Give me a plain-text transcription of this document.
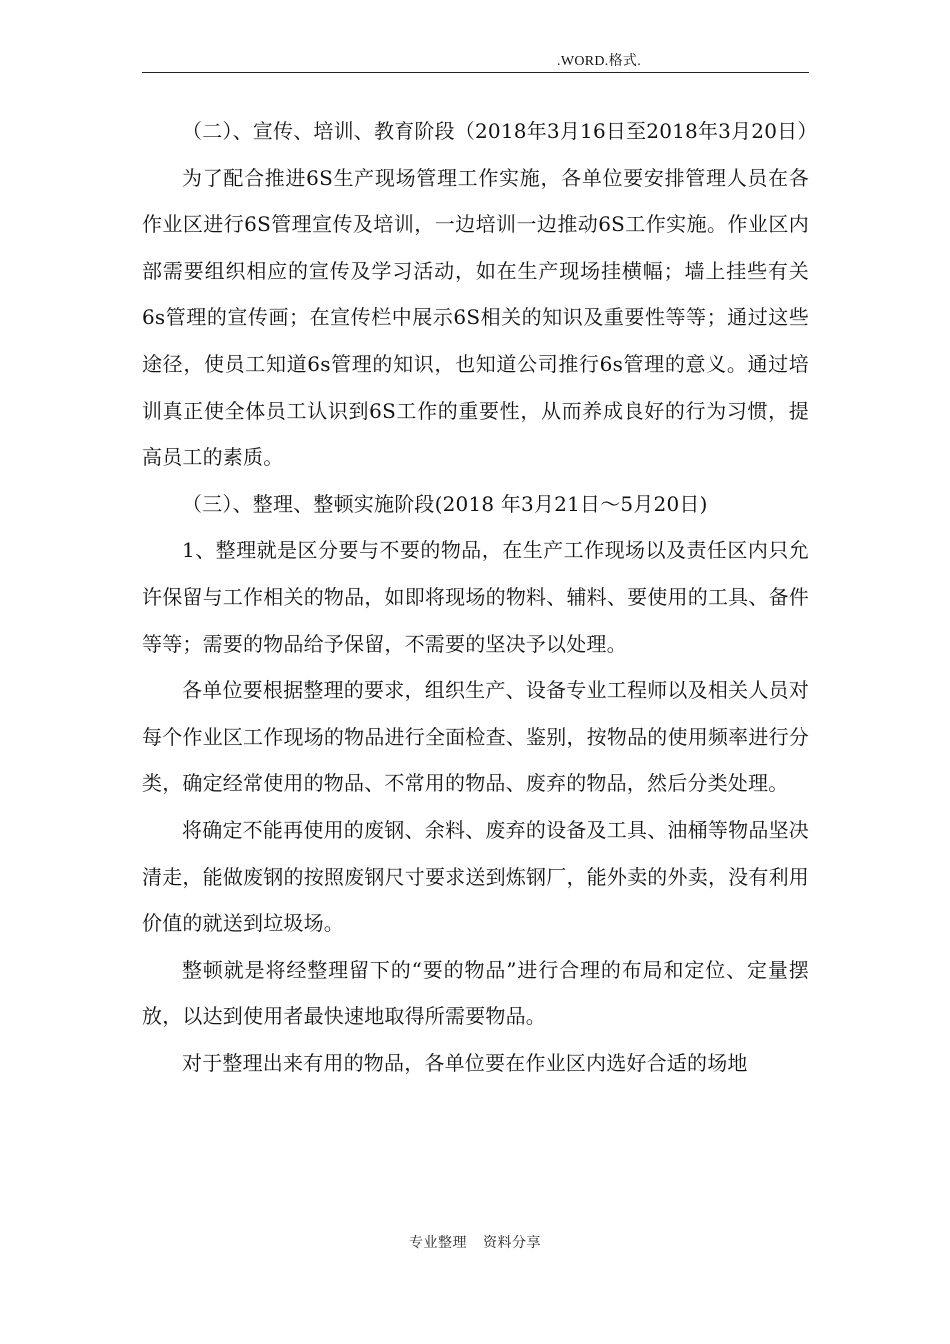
.WORD.格式.

（二）、宣传、培训、教育阶段（2018年3月16日至2018年3月20日）

为了配合推进6S生产现场管理工作实施，各单位要安排管理人员在各作业区进行6S管理宣传及培训，一边培训一边推动6S工作实施。作业区内部需要组织相应的宣传及学习活动，如在生产现场挂横幅；墙上挂些有关6s管理的宣传画；在宣传栏中展示6S相关的知识及重要性等等；通过这些途径，使员工知道6s管理的知识，也知道公司推行6s管理的意义。通过培训真正使全体员工认识到6S工作的重要性，从而养成良好的行为习惯，提高员工的素质。

（三）、整理、整顿实施阶段(2018 年3月21日～5月20日)

1、整理就是区分要与不要的物品，在生产工作现场以及责任区内只允许保留与工作相关的物品，如即将现场的物料、辅料、要使用的工具、备件等等；需要的物品给予保留，不需要的坚决予以处理。

各单位要根据整理的要求，组织生产、设备专业工程师以及相关人员对每个作业区工作现场的物品进行全面检查、鉴别，按物品的使用频率进行分类，确定经常使用的物品、不常用的物品、废弃的物品，然后分类处理。

将确定不能再使用的废钢、余料、废弃的设备及工具、油桶等物品坚决清走，能做废钢的按照废钢尺寸要求送到炼钢厂，能外卖的外卖，没有利用价值的就送到垃圾场。

整顿就是将经整理留下的“要的物品”进行合理的布局和定位、定量摆放，以达到使用者最快速地取得所需要物品。

对于整理出来有用的物品，各单位要在作业区内选好合适的场地

专业整理 资料分享
